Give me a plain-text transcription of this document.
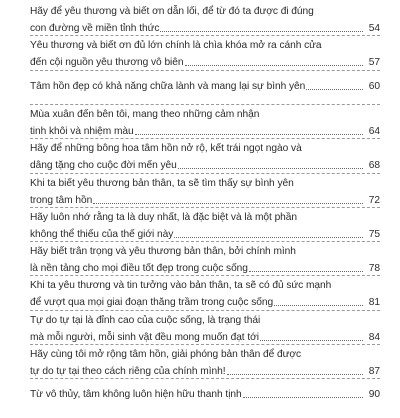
Hãy để yêu thương và biết ơn dẫn lối, để từ đó ta được đi đúng
con đường về miền tỉnh thức	54
Yêu thương và biết ơn đủ lớn chính là chìa khóa mở ra cánh cửa
đến cội nguồn yêu thương vô biên	57
Tâm hồn đẹp có khả năng chữa lành và mang lại sự bình yên	60
Mùa xuân đến bên tôi, mang theo những cảm nhận
tinh khôi và nhiệm màu	64
Hãy để những bông hoa tâm hồn nở rộ, kết trái ngọt ngào và
dâng tặng cho cuộc đời mến yêu	68
Khi ta biết yêu thương bản thân, ta sẽ tìm thấy sự bình yên
trong tâm hồn	72
Hãy luôn nhớ rằng ta là duy nhất, là đặc biệt và là một phần
không thể thiếu của thế giới này	75
Hãy biết trân trọng và yêu thương bản thân, bởi chính mình
là nền tảng cho mọi điều tốt đẹp trong cuộc sống	78
Khi ta yêu thương và tin tưởng vào bản thân, ta sẽ có đủ sức mạnh
để vượt qua mọi giai đoạn thăng trầm trong cuộc sống	81
Tự do tự tại là đỉnh cao của cuộc sống, là trạng thái
mà mỗi người, mỗi sinh vật đều mong muốn đạt tới	84
Hãy cùng tôi mở rộng tâm hồn, giải phóng bản thân để được
tự do tự tại theo cách riêng của chính mình!	87
Từ vô thủy, tâm không luôn hiện hữu thanh tịnh	90
